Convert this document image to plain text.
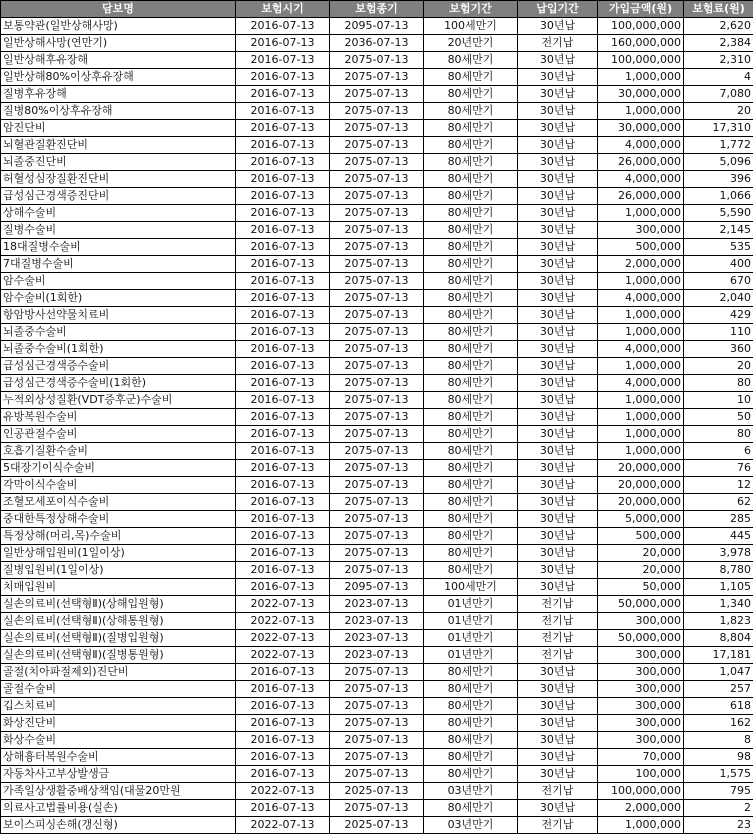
담보명	보험시기	보험종기	보험기간	납입기간	가입금액(원)	보험료(원)
보통약관(일반상해사망)	2016-07-13	2095-07-13	100세만기	30년납	100,000,000	2,620
일반상해사망(연만기)	2016-07-13	2036-07-13	20년만기	전기납	160,000,000	2,384
일반상해후유장해	2016-07-13	2075-07-13	80세만기	30년납	100,000,000	2,310
일반상해80%이상후유장해	2016-07-13	2075-07-13	80세만기	30년납	1,000,000	4
질병후유장해	2016-07-13	2075-07-13	80세만기	30년납	30,000,000	7,080
질병80%이상후유장해	2016-07-13	2075-07-13	80세만기	30년납	1,000,000	20
암진단비	2016-07-13	2075-07-13	80세만기	30년납	30,000,000	17,310
뇌혈관질환진단비	2016-07-13	2075-07-13	80세만기	30년납	4,000,000	1,772
뇌졸중진단비	2016-07-13	2075-07-13	80세만기	30년납	26,000,000	5,096
허혈성심장질환진단비	2016-07-13	2075-07-13	80세만기	30년납	4,000,000	396
급성심근경색증진단비	2016-07-13	2075-07-13	80세만기	30년납	26,000,000	1,066
상해수술비	2016-07-13	2075-07-13	80세만기	30년납	1,000,000	5,590
질병수술비	2016-07-13	2075-07-13	80세만기	30년납	300,000	2,145
18대질병수술비	2016-07-13	2075-07-13	80세만기	30년납	500,000	535
7대질병수술비	2016-07-13	2075-07-13	80세만기	30년납	2,000,000	400
암수술비	2016-07-13	2075-07-13	80세만기	30년납	1,000,000	670
암수술비(1회한)	2016-07-13	2075-07-13	80세만기	30년납	4,000,000	2,040
항암방사선약물치료비	2016-07-13	2075-07-13	80세만기	30년납	1,000,000	429
뇌졸중수술비	2016-07-13	2075-07-13	80세만기	30년납	1,000,000	110
뇌졸중수술비(1회한)	2016-07-13	2075-07-13	80세만기	30년납	4,000,000	360
급성심근경색증수술비	2016-07-13	2075-07-13	80세만기	30년납	1,000,000	20
급성심근경색증수술비(1회한)	2016-07-13	2075-07-13	80세만기	30년납	4,000,000	80
누적외상성질환(VDT증후군)수술비	2016-07-13	2075-07-13	80세만기	30년납	1,000,000	10
유방복원수술비	2016-07-13	2075-07-13	80세만기	30년납	1,000,000	50
인공관절수술비	2016-07-13	2075-07-13	80세만기	30년납	1,000,000	80
호흡기질환수술비	2016-07-13	2075-07-13	80세만기	30년납	1,000,000	6
5대장기이식수술비	2016-07-13	2075-07-13	80세만기	30년납	20,000,000	76
각막이식수술비	2016-07-13	2075-07-13	80세만기	30년납	20,000,000	12
조혈모세포이식수술비	2016-07-13	2075-07-13	80세만기	30년납	20,000,000	62
중대한특정상해수술비	2016-07-13	2075-07-13	80세만기	30년납	5,000,000	285
특정상해(머리,목)수술비	2016-07-13	2075-07-13	80세만기	30년납	500,000	445
일반상해입원비(1일이상)	2016-07-13	2075-07-13	80세만기	30년납	20,000	3,978
질병입원비(1일이상)	2016-07-13	2075-07-13	80세만기	30년납	20,000	8,780
치매입원비	2016-07-13	2095-07-13	100세만기	30년납	50,000	1,105
실손의료비(선택형Ⅱ)(상해입원형)	2022-07-13	2023-07-13	01년만기	전기납	50,000,000	1,340
실손의료비(선택형Ⅱ)(상해통원형)	2022-07-13	2023-07-13	01년만기	전기납	300,000	1,823
실손의료비(선택형Ⅱ)(질병입원형)	2022-07-13	2023-07-13	01년만기	전기납	50,000,000	8,804
실손의료비(선택형Ⅱ)(질병통원형)	2022-07-13	2023-07-13	01년만기	전기납	300,000	17,181
골절(치아파절제외)진단비	2016-07-13	2075-07-13	80세만기	30년납	300,000	1,047
골절수술비	2016-07-13	2075-07-13	80세만기	30년납	300,000	257
깁스치료비	2016-07-13	2075-07-13	80세만기	30년납	300,000	618
화상진단비	2016-07-13	2075-07-13	80세만기	30년납	300,000	162
화상수술비	2016-07-13	2075-07-13	80세만기	30년납	300,000	8
상해흉터복원수술비	2016-07-13	2075-07-13	80세만기	30년납	70,000	98
자동차사고부상발생금	2016-07-13	2075-07-13	80세만기	30년납	100,000	1,575
가족일상생활중배상책임(대물20만원	2022-07-13	2025-07-13	03년만기	전기납	100,000,000	795
의료사고법률비용(실손)	2016-07-13	2075-07-13	80세만기	30년납	2,000,000	2
보이스피싱손해(갱신형)	2022-07-13	2025-07-13	03년만기	전기납	1,000,000	23
